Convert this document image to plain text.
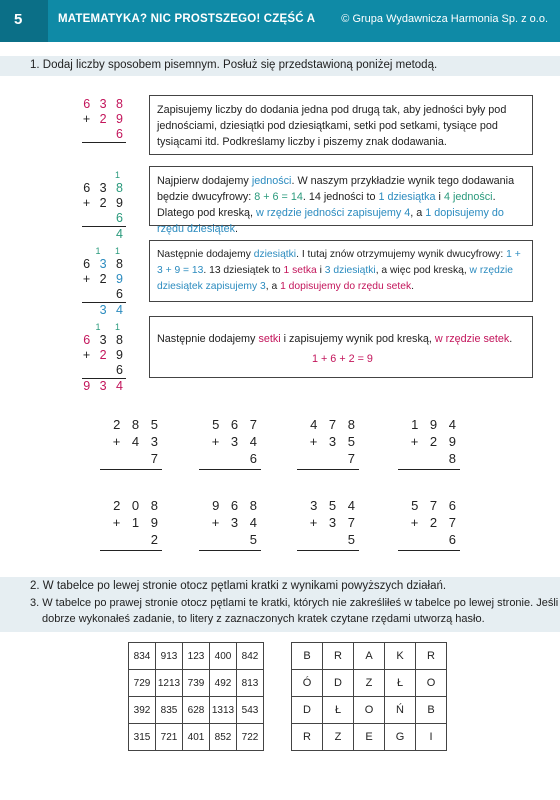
5	MATEMATYKA? NIC PROSTSZEGO! CZĘŚĆ A © Grupa Wydawnicza Harmonia Sp. z o.o.
1. Dodaj liczby sposobem pisemnym. Posłuż się przedstawioną poniżej metodą.
6 3 8
+ 2 9 6
1
6 3 8
+ 2 9 6
4
1 1
6 3 8
+ 2 9 6
3 4
1 1
6 3 8
+ 2 9 6
9 3 4
Zapisujemy liczby do dodania jedna pod drugą tak, aby jedności były pod jednościami, dziesiątki pod dziesiątkami, setki pod setkami, tysiące pod tysiącami itd. Podkreślamy liczby i piszemy znak dodawania.
Najpierw dodajemy jedności. W naszym przykładzie wynik tego dodawania będzie dwucyfrowy: 8 + 6 = 14. 14 jedności to 1 dziesiątka i 4 jedności. Dlatego pod kreską, w rzędzie jedności zapisujemy 4, a 1 dopisujemy do rzędu dziesiątek.
Następnie dodajemy dziesiątki. I tutaj znów otrzymujemy wynik dwucyfrowy: 1 + 3 + 9 = 13. 13 dziesiątek to 1 setka i 3 dziesiątki, a więc pod kreską, w rzędzie dziesiątek zapisujemy 3, a 1 dopisujemy do rzędu setek.
Następnie dodajemy setki i zapisujemy wynik pod kreską, w rzędzie setek.
1 + 6 + 2 = 9
2 8 5
+ 4 3 7
5 6 7
+ 3 4 6
4 7 8
+ 3 5 7
1 9 4
+ 2 9 8
2 0 8
+ 1 9 2
9 6 8
+ 3 4 5
3 5 4
+ 3 7 5
5 7 6
+ 2 7 6
2. W tabelce po lewej stronie otocz pętlami kratki z wynikami powyższych działań.
3. W tabelce po prawej stronie otocz pętlami te kratki, których nie zakreśliłeś w tabelce po lewej stronie. Jeśli
dobrze wykonałeś zadanie, to litery z zaznaczonych kratek czytane rzędami utworzą hasło.
834	913	123	400	842
729	1213	739	492	813
392	835	628	1313	543
315	721	401	852	722
B	R	A	K	R
Ó	D	Z	Ł	O
D	Ł	O	Ń	B
R	Z	E	G	I
